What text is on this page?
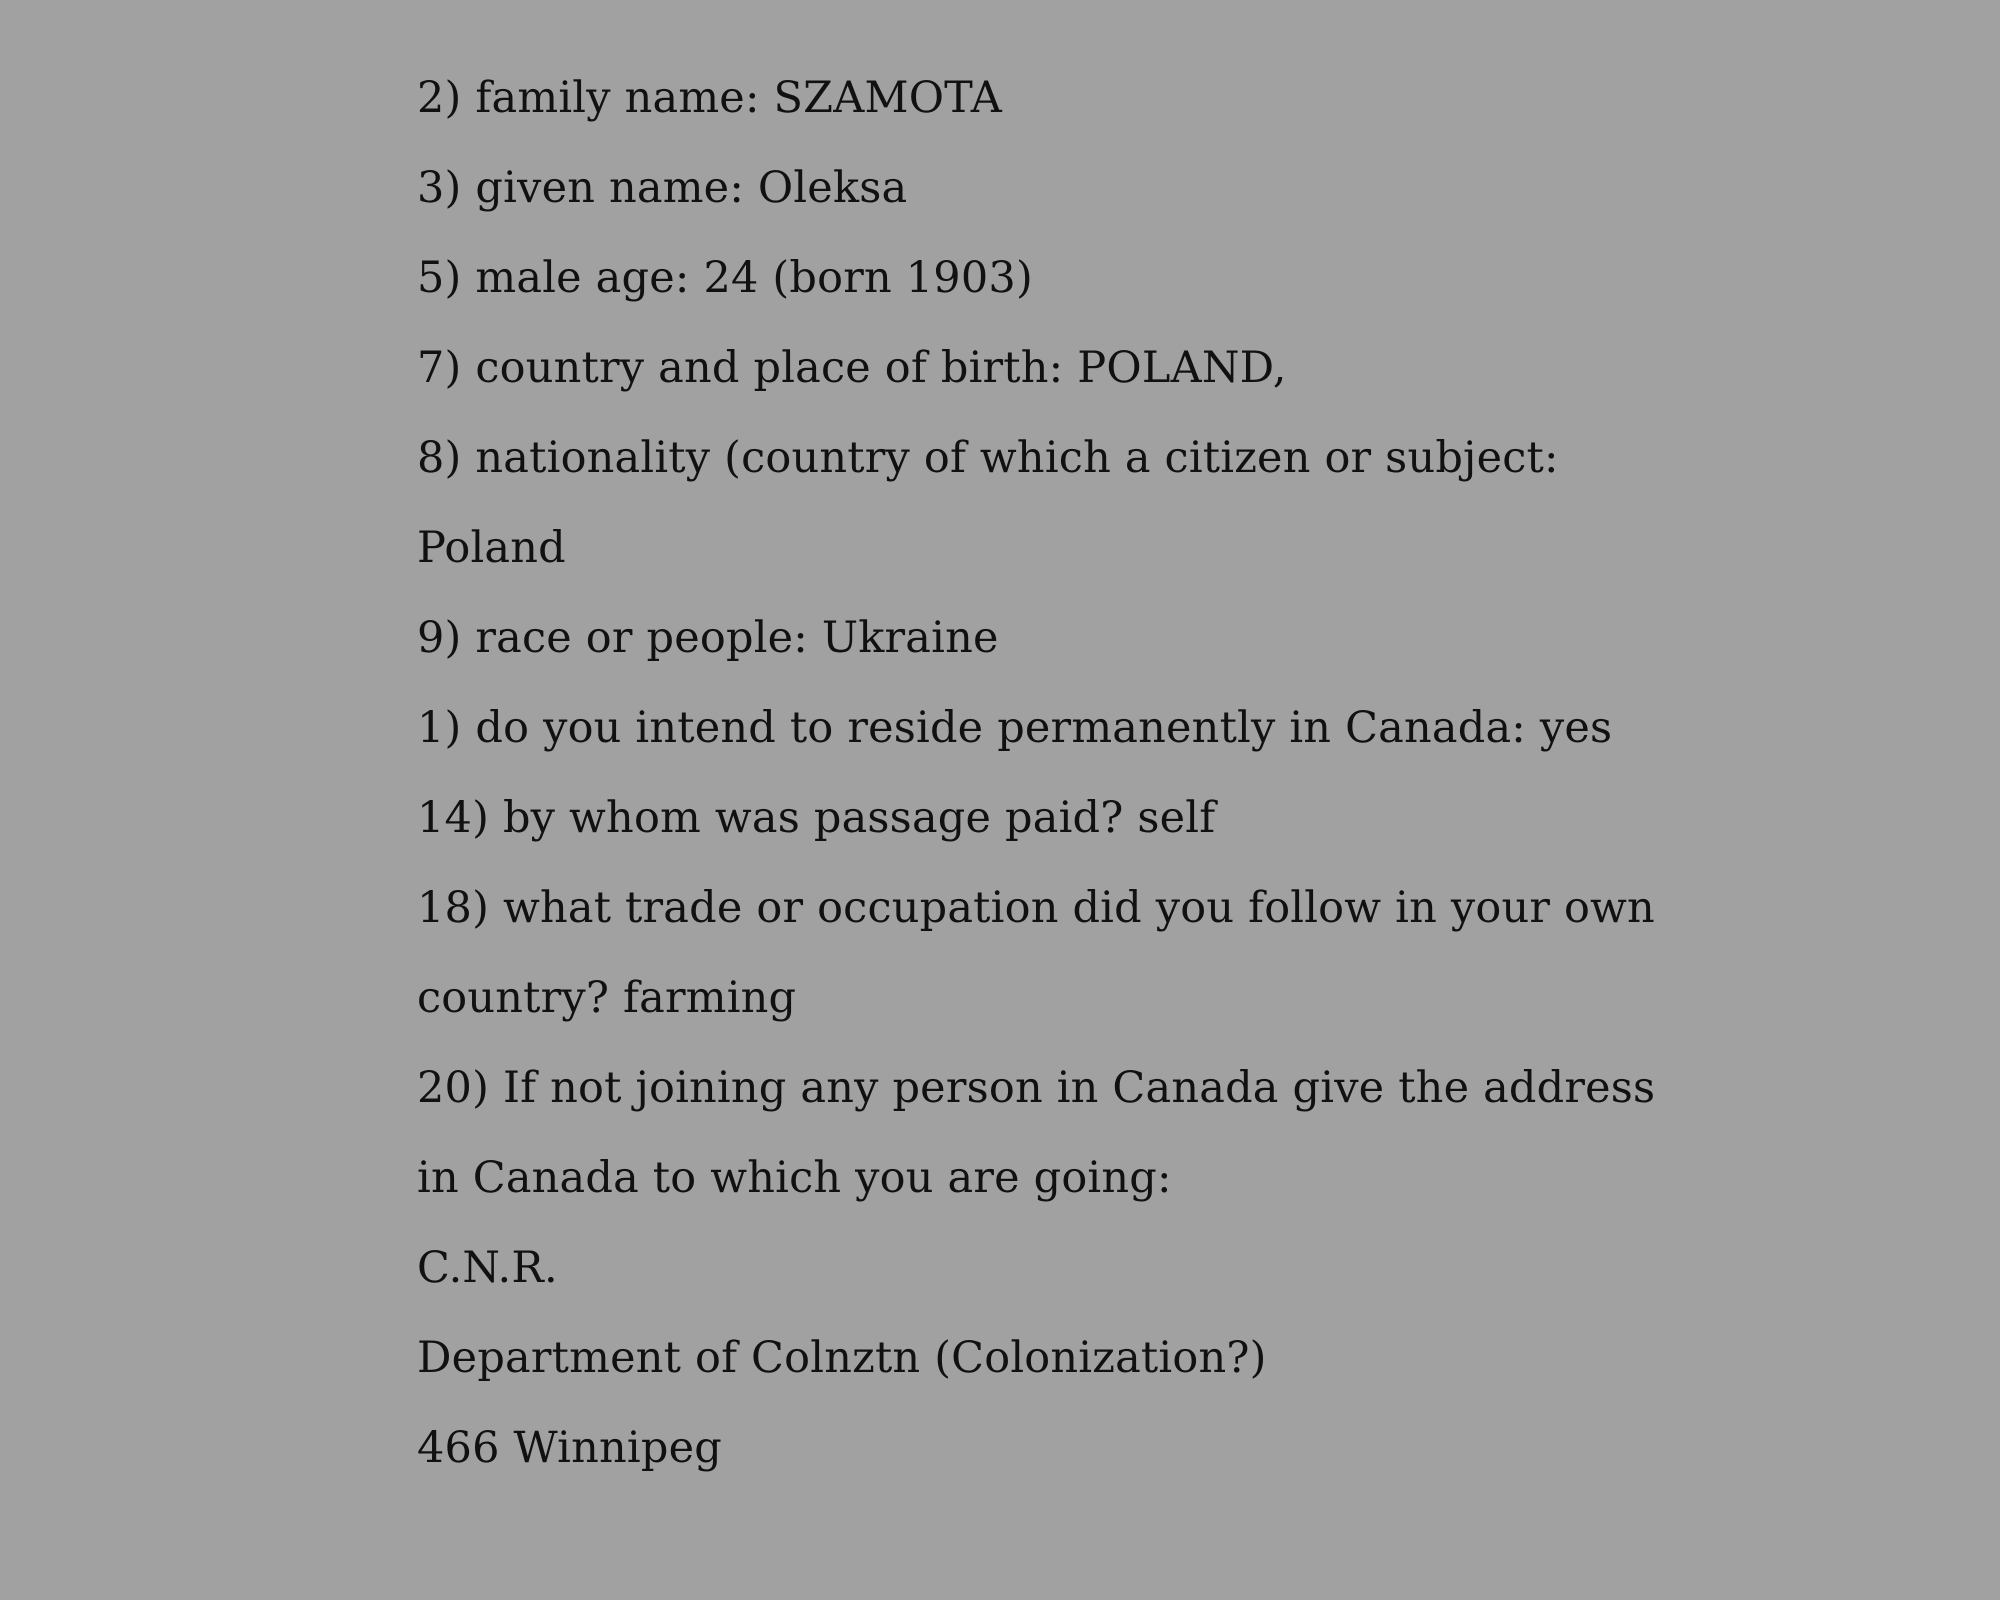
2) family name: SZAMOTA
3) given name: Oleksa
5) male age: 24 (born 1903)
7) country and place of birth: POLAND,
8) nationality (country of which a citizen or subject:
Poland
9) race or people: Ukraine
1) do you intend to reside permanently in Canada: yes
14) by whom was passage paid? self
18) what trade or occupation did you follow in your own
country? farming
20) If not joining any person in Canada give the address
in Canada to which you are going:
C.N.R.
Department of Colnztn (Colonization?)
466 Winnipeg
